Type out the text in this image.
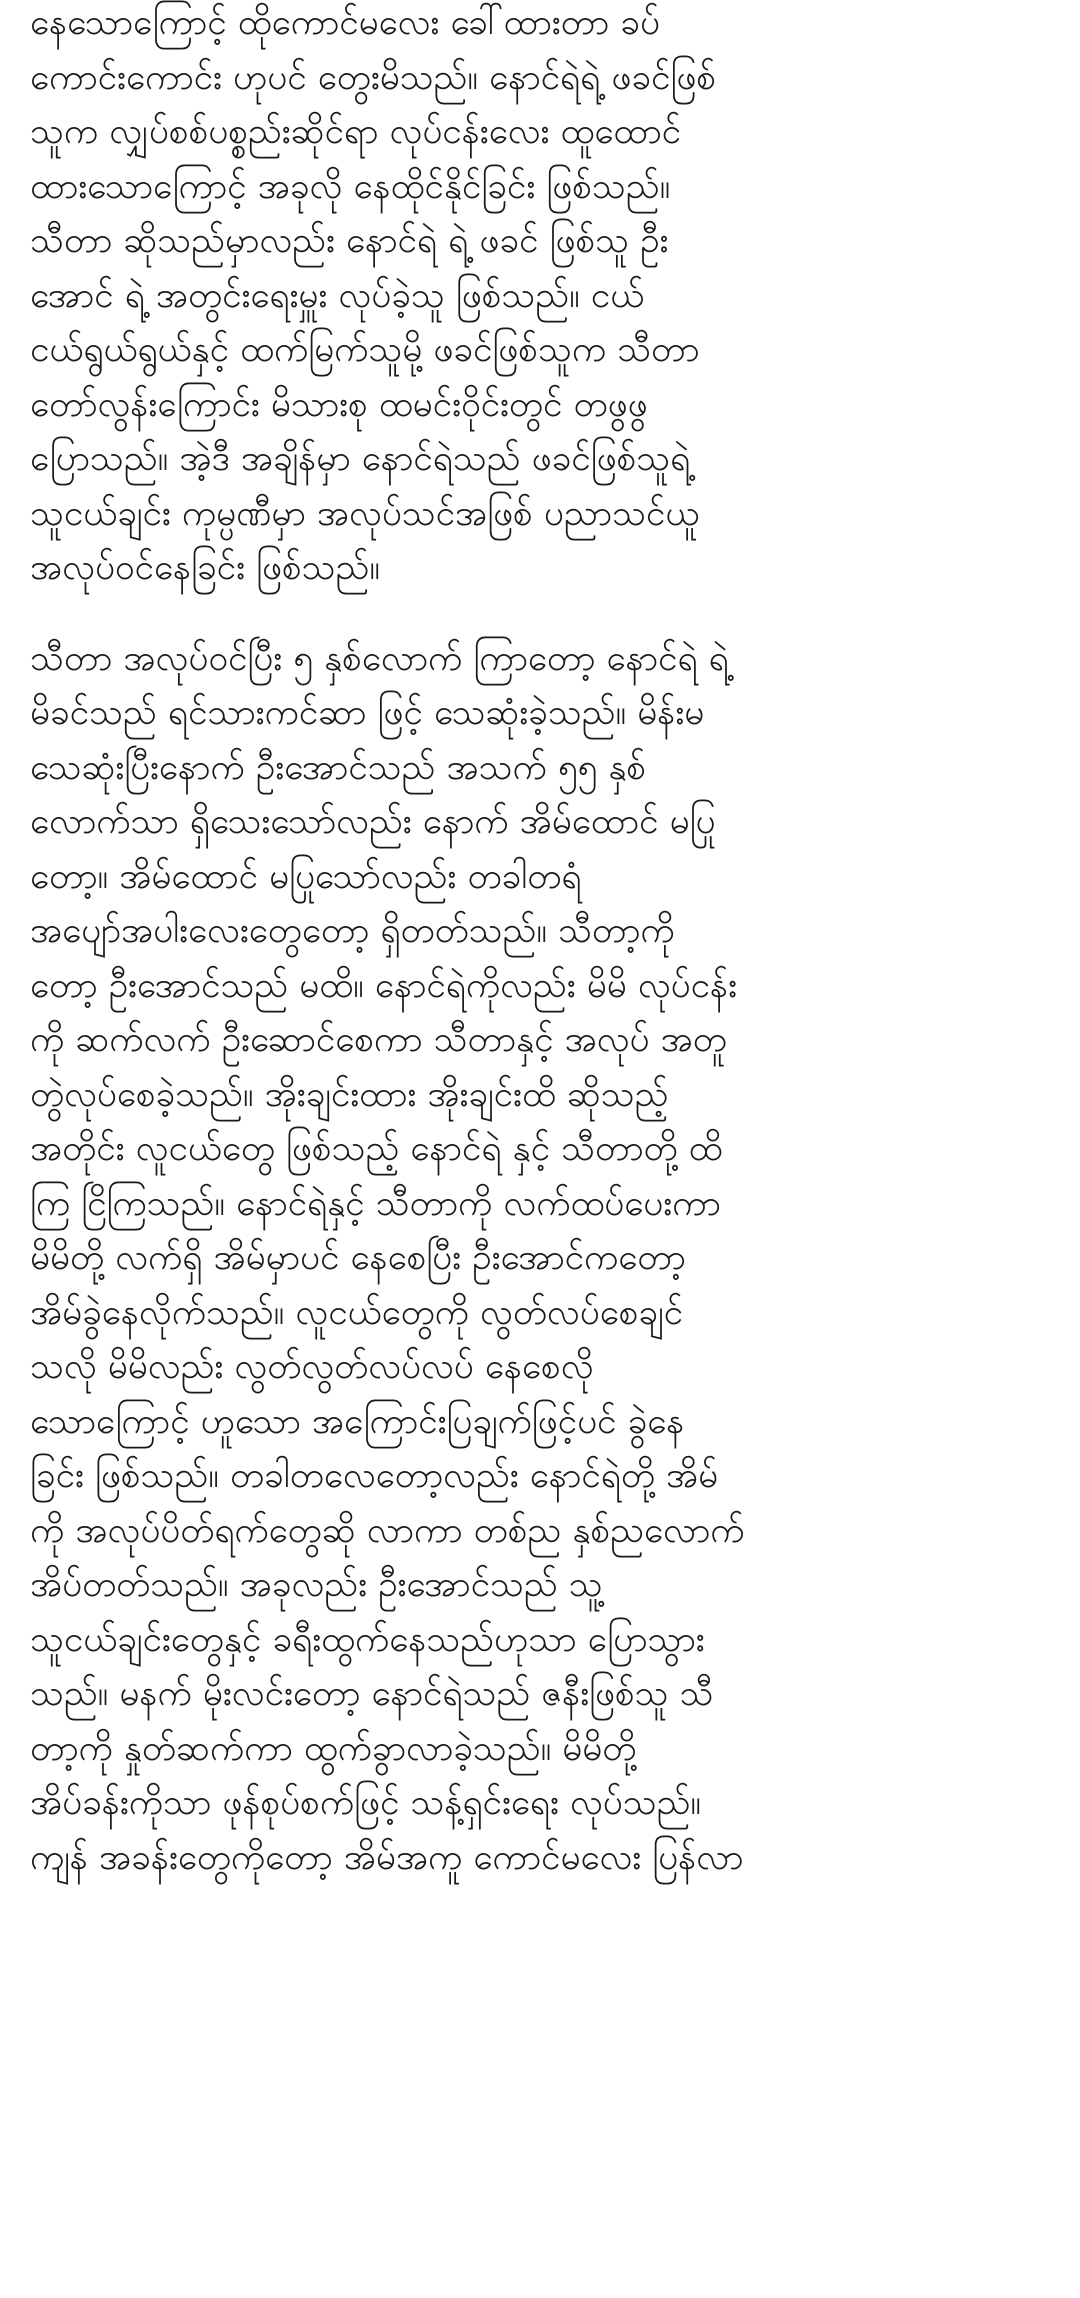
နေသောကြောင့် ထိုကောင်မလေး ခေါ်ထားတာ ခပ်
ကောင်းကောင်း ဟုပင် တွေးမိသည်။ နောင်ရဲရဲ့ ဖခင်ဖြစ်
သူက လျှပ်စစ်ပစ္စည်းဆိုင်ရာ လုပ်ငန်းလေး ထူထောင်
ထားသောကြောင့် အခုလို နေထိုင်နိုင်ခြင်း ဖြစ်သည်။
သီတာ ဆိုသည်မှာလည်း နောင်ရဲ ရဲ့ ဖခင် ဖြစ်သူ ဦး
အောင် ရဲ့ အတွင်းရေးမှူး လုပ်ခဲ့သူ ဖြစ်သည်။ ငယ်
ငယ်ရွယ်ရွယ်နှင့် ထက်မြက်သူမို့ ဖခင်ဖြစ်သူက သီတာ
တော်လွန်းကြောင်း မိသားစု ထမင်းဝိုင်းတွင် တဖွဖွ
ပြောသည်။ အဲ့ဒီ အချိန်မှာ နောင်ရဲသည် ဖခင်ဖြစ်သူရဲ့
သူငယ်ချင်း ကုမ္ပဏီမှာ အလုပ်သင်အဖြစ် ပညာသင်ယူ
အလုပ်ဝင်နေခြင်း ဖြစ်သည်။

သီတာ အလုပ်ဝင်ပြီး ၅ နှစ်လောက် ကြာတော့ နောင်ရဲ ရဲ့
မိခင်သည် ရင်သားကင်ဆာ ဖြင့် သေဆုံးခဲ့သည်။ မိန်းမ
သေဆုံးပြီးနောက် ဦးအောင်သည် အသက် ၅၅ နှစ်
လောက်သာ ရှိသေးသော်လည်း နောက် အိမ်ထောင် မပြု
တော့။ အိမ်ထောင် မပြုသော်လည်း တခါတရံ
အပျော်အပါးလေးတွေတော့ ရှိတတ်သည်။ သီတာ့ကို
တော့ ဦးအောင်သည် မထိ။ နောင်ရဲကိုလည်း မိမိ လုပ်ငန်း
ကို ဆက်လက် ဦးဆောင်စေကာ သီတာနှင့် အလုပ် အတူ
တွဲလုပ်စေခဲ့သည်။ အိုးချင်းထား အိုးချင်းထိ ဆိုသည့်
အတိုင်း လူငယ်တွေ ဖြစ်သည့် နောင်ရဲ နှင့် သီတာတို့ ထိ
ကြ ငြိကြသည်။ နောင်ရဲနှင့် သီတာကို လက်ထပ်ပေးကာ
မိမိတို့ လက်ရှိ အိမ်မှာပင် နေစေပြီး ဦးအောင်ကတော့
အိမ်ခွဲနေလိုက်သည်။ လူငယ်တွေကို လွတ်လပ်စေချင်
သလို မိမိလည်း လွတ်လွတ်လပ်လပ် နေစေလို
သောကြောင့် ဟူသော အကြောင်းပြချက်ဖြင့်ပင် ခွဲနေ
ခြင်း ဖြစ်သည်။ တခါတလေတော့လည်း နောင်ရဲတို့ အိမ်
ကို အလုပ်ပိတ်ရက်တွေဆို လာကာ တစ်ည နှစ်ညလောက်
အိပ်တတ်သည်။ အခုလည်း ဦးအောင်သည် သူ့
သူငယ်ချင်းတွေနှင့် ခရီးထွက်နေသည်ဟုသာ ပြောသွား
သည်။ မနက် မိုးလင်းတော့ နောင်ရဲသည် ဇနီးဖြစ်သူ သီ
တာ့ကို နှုတ်ဆက်ကာ ထွက်ခွာလာခဲ့သည်။ မိမိတို့
အိပ်ခန်းကိုသာ ဖုန်စုပ်စက်ဖြင့် သန့်ရှင်းရေး လုပ်သည်။
ကျန် အခန်းတွေကိုတော့ အိမ်အကူ ကောင်မလေး ပြန်လာ
